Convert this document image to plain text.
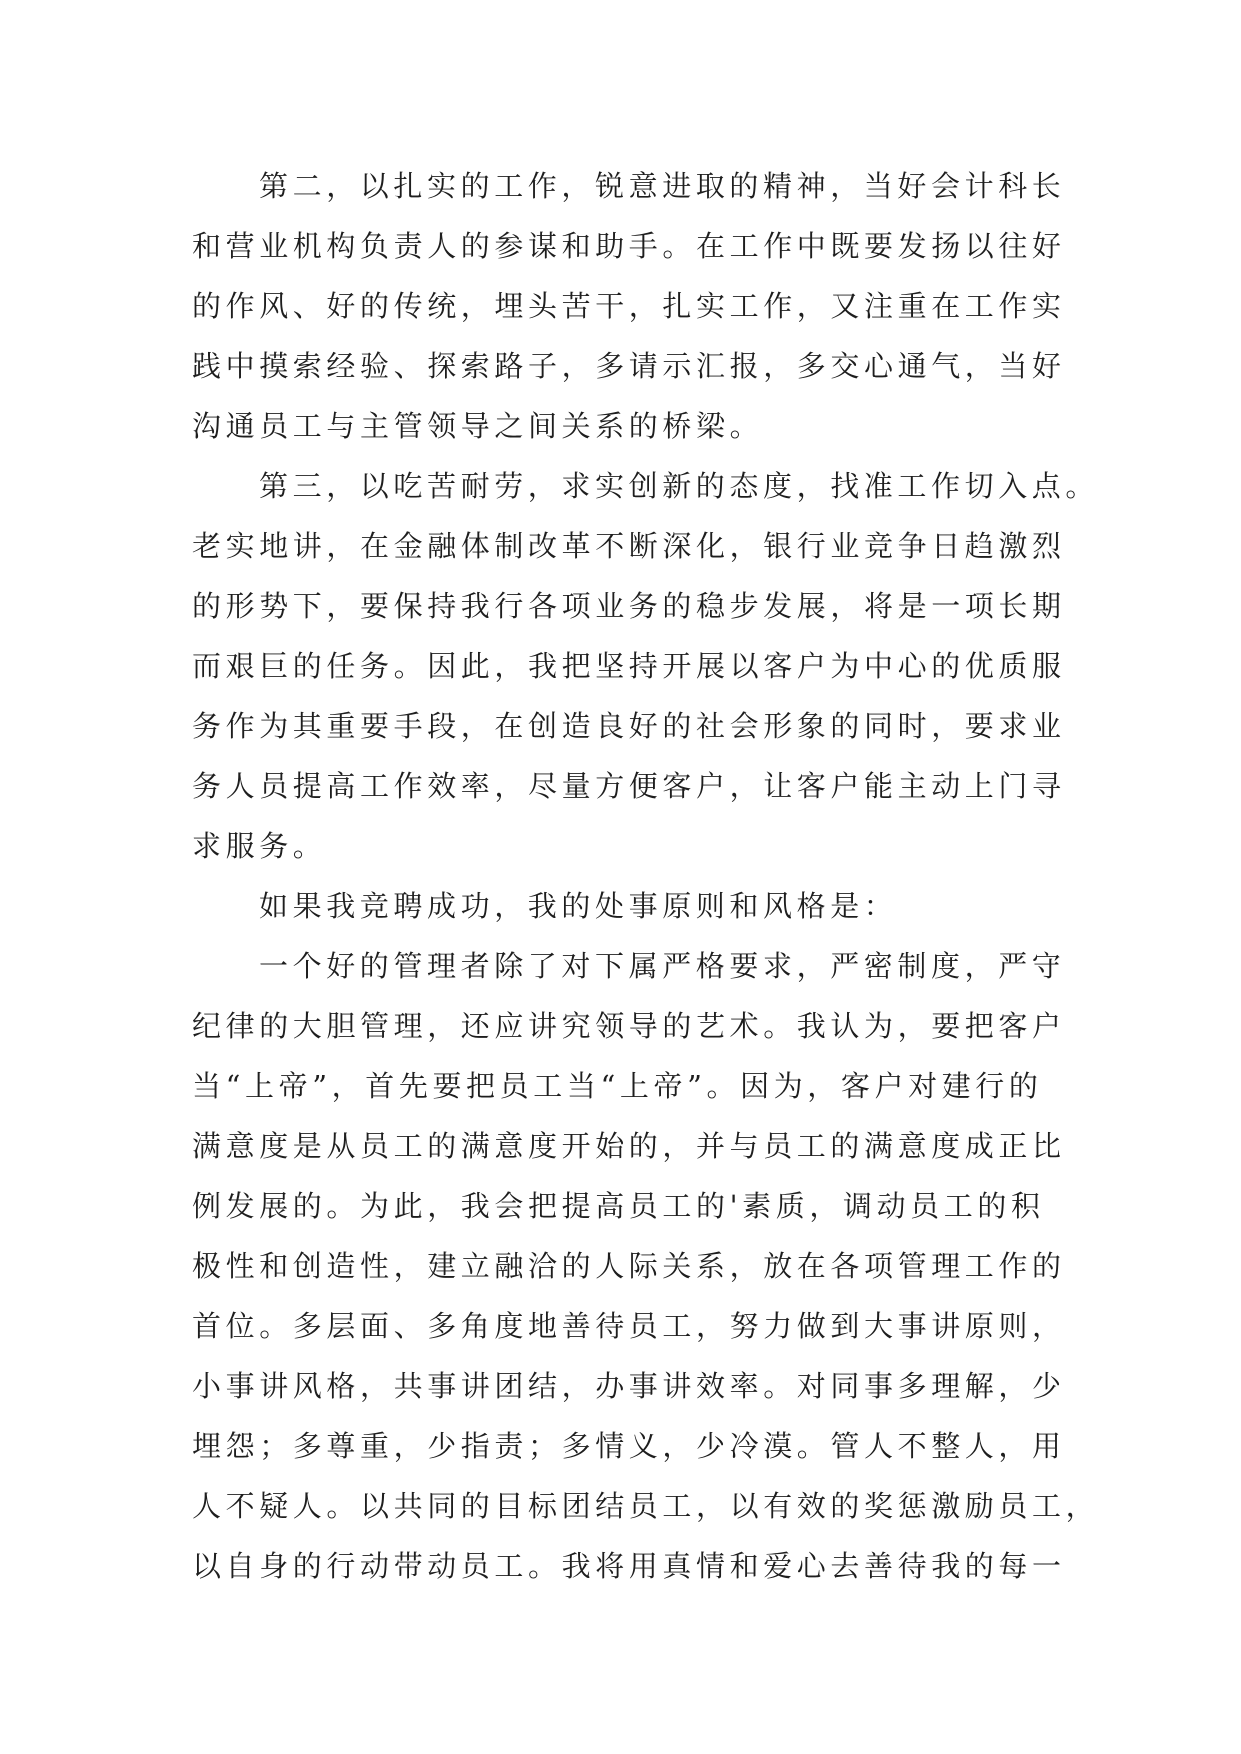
第二，以扎实的工作，锐意进取的精神，当好会计科长
和营业机构负责人的参谋和助手。在工作中既要发扬以往好
的作风、好的传统，埋头苦干，扎实工作，又注重在工作实
践中摸索经验、探索路子，多请示汇报，多交心通气，当好
沟通员工与主管领导之间关系的桥梁。
第三，以吃苦耐劳，求实创新的态度，找准工作切入点。
老实地讲，在金融体制改革不断深化，银行业竞争日趋激烈
的形势下，要保持我行各项业务的稳步发展，将是一项长期
而艰巨的任务。因此，我把坚持开展以客户为中心的优质服
务作为其重要手段，在创造良好的社会形象的同时，要求业
务人员提高工作效率，尽量方便客户，让客户能主动上门寻
求服务。
如果我竞聘成功，我的处事原则和风格是：
一个好的管理者除了对下属严格要求，严密制度，严守
纪律的大胆管理，还应讲究领导的艺术。我认为，要把客户
当“上帝”，首先要把员工当“上帝”。因为，客户对建行的
满意度是从员工的满意度开始的，并与员工的满意度成正比
例发展的。为此，我会把提高员工的'素质，调动员工的积
极性和创造性，建立融洽的人际关系，放在各项管理工作的
首位。多层面、多角度地善待员工，努力做到大事讲原则，
小事讲风格，共事讲团结，办事讲效率。对同事多理解，少
埋怨；多尊重，少指责；多情义，少冷漠。管人不整人，用
人不疑人。以共同的目标团结员工，以有效的奖惩激励员工，
以自身的行动带动员工。我将用真情和爱心去善待我的每一
